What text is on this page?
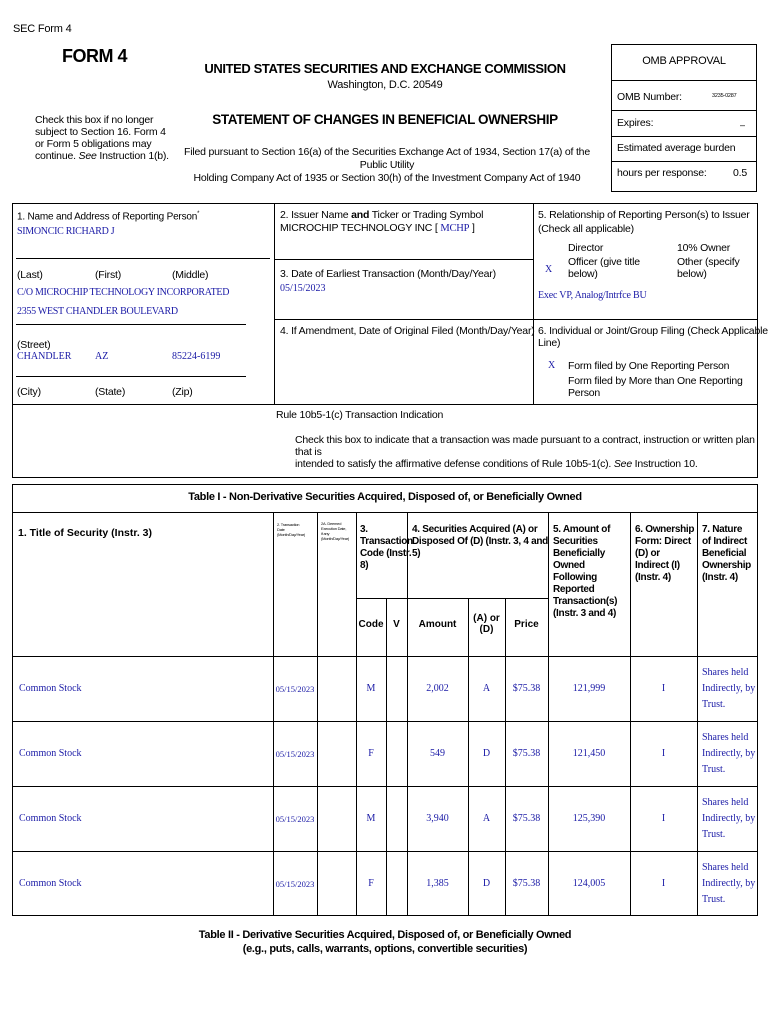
SEC Form 4
FORM 4
UNITED STATES SECURITIES AND EXCHANGE COMMISSION
Washington, D.C. 20549
Check this box if no longer
subject to Section 16. Form 4
or Form 5 obligations may
continue. See Instruction 1(b).
STATEMENT OF CHANGES IN BENEFICIAL OWNERSHIP
Filed pursuant to Section 16(a) of the Securities Exchange Act of 1934, Section 17(a) of the Public Utility
Holding Company Act of 1935 or Section 30(h) of the Investment Company Act of 1940
OMB APPROVAL
OMB Number:	3235-0287
Expires:	–
Estimated average burden
hours per response:	0.5
1. Name and Address of Reporting Person*
SIMONCIC RICHARD J
(Last)	(First)	(Middle)
C/O MICROCHIP TECHNOLOGY INCORPORATED
2355 WEST CHANDLER BOULEVARD
(Street)
CHANDLER AZ	85224-6199
(City)	(State)	(Zip)
2. Issuer Name and Ticker or Trading Symbol
MICROCHIP TECHNOLOGY INC [ MCHP ]
3. Date of Earliest Transaction (Month/Day/Year)
05/15/2023
4. If Amendment, Date of Original Filed (Month/Day/Year)
5. Relationship of Reporting Person(s) to Issuer
(Check all applicable)
Director	10% Owner
X
Officer (give title
below)
Other (specify
below)
Exec VP, Analog/Intrfce BU
6. Individual or Joint/Group Filing (Check Applicable
Line)
X Form filed by One Reporting Person
Form filed by More than One Reporting Person
Rule 10b5-1(c) Transaction Indication
Check this box to indicate that a transaction was made pursuant to a contract, instruction or written plan that is
intended to satisfy the affirmative defense conditions of Rule 10b5-1(c). See Instruction 10.
Table I - Non-Derivative Securities Acquired, Disposed of, or Beneficially Owned
1. Title of Security (Instr. 3)
2. Transaction
Date
(Month/Day/Year)
2A. Deemed
Execution Date,
if any
(Month/Day/Year)
3.
Transaction
Code (Instr.
8)
4. Securities Acquired (A) or
Disposed Of (D) (Instr. 3, 4 and
5)
5. Amount of
Securities
Beneficially
Owned
Following
Reported
Transaction(s)
(Instr. 3 and 4)
6. Ownership
Form: Direct
(D) or
Indirect (I)
(Instr. 4)
7. Nature
of Indirect
Beneficial
Ownership
(Instr. 4)
Code V	Amount
(A) or
(D)	Price
Common Stock	05/15/2023	M	2,002	A	$75.38	121,999	I
Shares held
Indirectly, by
Trust.
Common Stock	05/15/2023	F	549	D	$75.38	121,450	I
Shares held
Indirectly, by
Trust.
Common Stock	05/15/2023	M	3,940	A	$75.38	125,390	I
Shares held
Indirectly, by
Trust.
Common Stock	05/15/2023	F	1,385	D	$75.38	124,005	I
Shares held
Indirectly, by
Trust.
Table II - Derivative Securities Acquired, Disposed of, or Beneficially Owned
(e.g., puts, calls, warrants, options, convertible securities)
